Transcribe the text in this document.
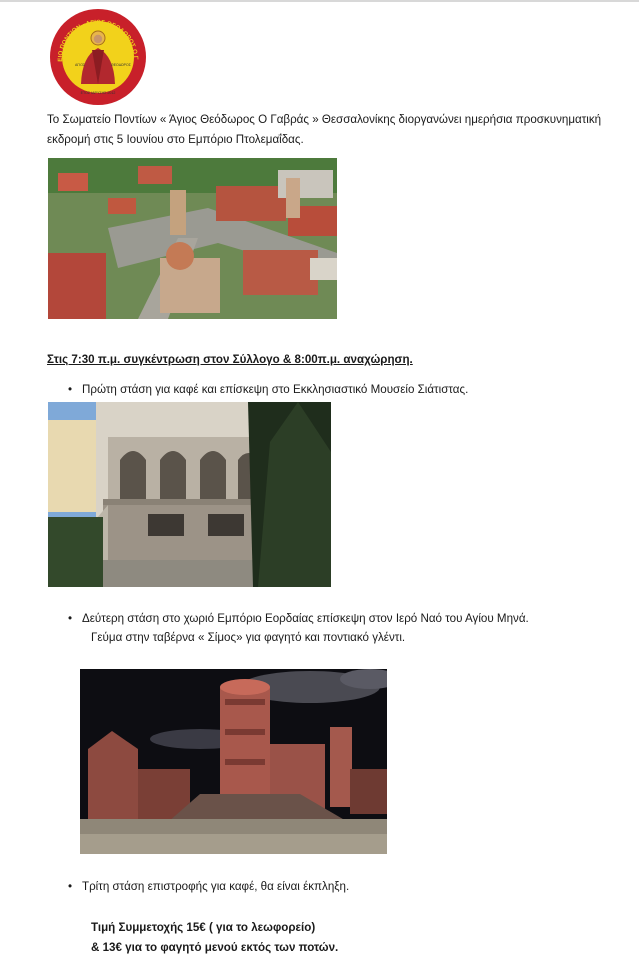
ΕΙΟ ΠΟΝΤΙΩΝ «ΑΓΙΟΣ ΘΕΟΔΩΡΟΣ Ο Γ
ΑΓΙΟΣ	ΘΕΟΔΩΡΟΣ
ΕΤΟΣ ΙΔΡΥΣΗΣ 2012
Το Σωματείο Ποντίων « Άγιος Θεόδωρος Ο Γαβράς » Θεσσαλονίκης διοργανώνει ημερήσια προσκυνηματική εκδρομή στις 5 Ιουνίου στο Εμπόριο Πτολεμαΐδας.
Στις 7:30 π.μ. συγκέντρωση στον Σύλλογο & 8:00π.μ. αναχώρηση.
• Πρώτη στάση για καφέ και επίσκεψη στο Εκκλησιαστικό Μουσείο Σιάτιστας.
• Δεύτερη στάση στο χωριό Εμπόριο Εορδαίας επίσκεψη στον Ιερό Ναό του Αγίου Μηνά.
Γεύμα στην ταβέρνα « Σίμος» για φαγητό και ποντιακό γλέντι.
• Τρίτη στάση επιστροφής για καφέ, θα είναι έκπληξη.
Τιμή Συμμετοχής 15€ ( για το λεωφορείο)
& 13€ για το φαγητό μενού εκτός των ποτών.
